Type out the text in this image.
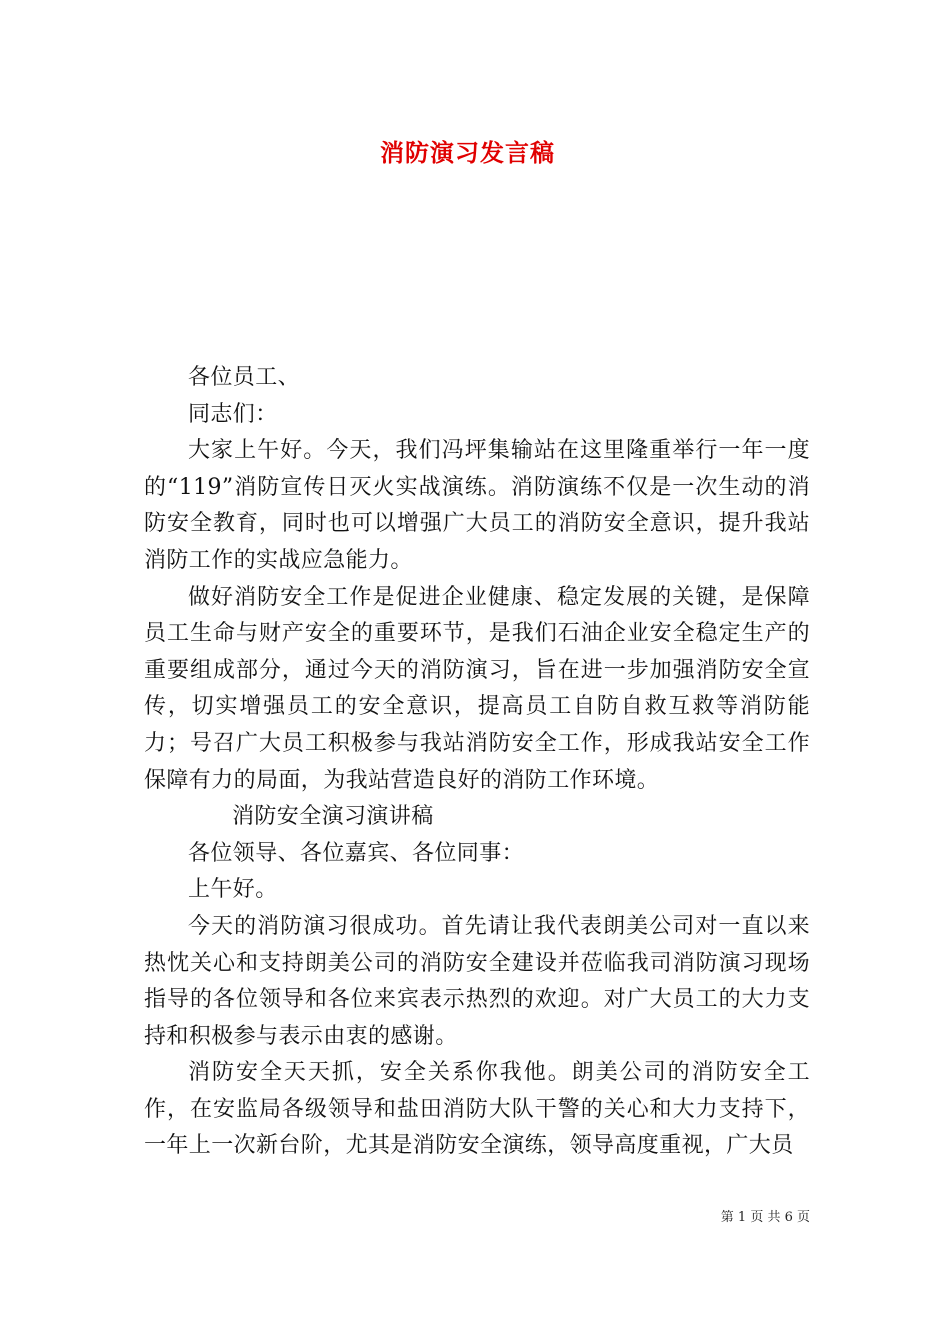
消防演习发言稿

各位员工、

同志们：

大家上午好。今天，我们冯坪集输站在这里隆重举行一年一度的“119”消防宣传日灭火实战演练。消防演练不仅是一次生动的消防安全教育，同时也可以增强广大员工的消防安全意识，提升我站消防工作的实战应急能力。

做好消防安全工作是促进企业健康、稳定发展的关键，是保障员工生命与财产安全的重要环节，是我们石油企业安全稳定生产的重要组成部分，通过今天的消防演习，旨在进一步加强消防安全宣传，切实增强员工的安全意识，提高员工自防自救互救等消防能力；号召广大员工积极参与我站消防安全工作，形成我站安全工作保障有力的局面，为我站营造良好的消防工作环境。

消防安全演习演讲稿

各位领导、各位嘉宾、各位同事：

上午好。

今天的消防演习很成功。首先请让我代表朗美公司对一直以来热忱关心和支持朗美公司的消防安全建设并莅临我司消防演习现场指导的各位领导和各位来宾表示热烈的欢迎。对广大员工的大力支持和积极参与表示由衷的感谢。

消防安全天天抓，安全关系你我他。朗美公司的消防安全工作，在安监局各级领导和盐田消防大队干警的关心和大力支持下，一年上一次新台阶，尤其是消防安全演练，领导高度重视，广大员

第 1 页 共 6 页
